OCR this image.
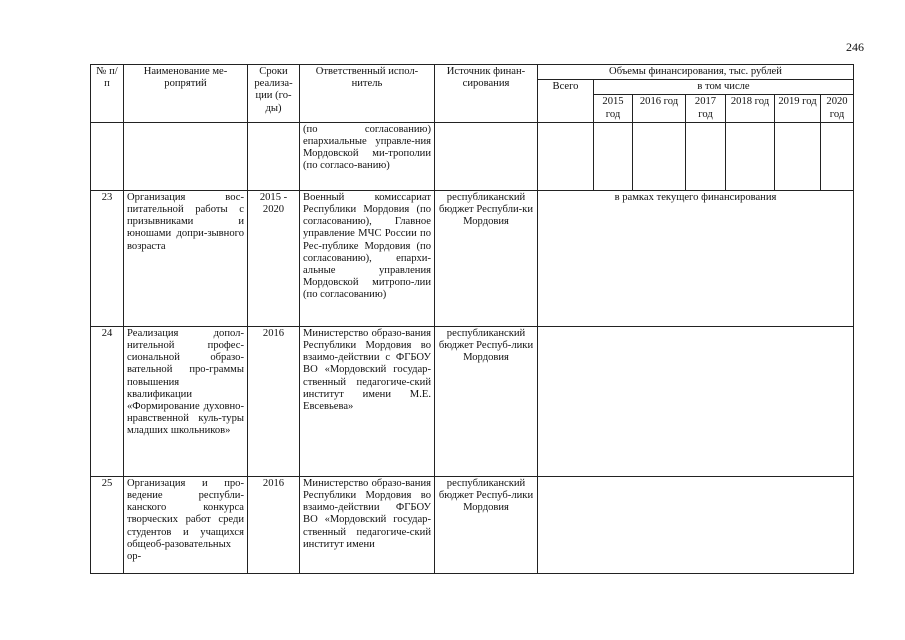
246
№ п/п	Наименование ме-ропрятий	Сроки реализа-ции (го-ды)	Ответственный испол-нитель	Источник финан-сирования	Объемы финансирования, тыс. рублей						
					Всего	в том числе					
						2015 год	2016 год	2017 год	2018 год	2019 год	2020 год
			(по согласованию) епархиальные управле-ния Мордовской ми-трополии (по согласо-ванию)								
23	Организация вос-питательной работы с призывниками и юношами допри-зывного возраста	2015 - 2020	Военный комиссариат Республики Мордовия (по согласованию), Главное управление МЧС России по Рес-публике Мордовия (по согласованию), епархи-альные управления Мордовской митропо-лии (по согласованию)	республиканский бюджет Республи-ки Мордовия	в рамках текущего финансирования						
24	Реализация допол-нительной профес-сиональной образо-вательной про-граммы повышения квалификации «Формирование духовно-нравственной куль-туры младших школьников»	2016	Министерство образо-вания Республики Мордовия во взаимо-действии с ФГБОУ ВО «Мордовский государ-ственный педагогиче-ский институт имени М.Е. Евсевьева»	республиканский бюджет Респуб-лики Мордовия							
25	Организация и про-ведение республи-канского конкурса творческих работ среди студентов и учащихся общеоб-разовательных ор-	2016	Министерство образо-вания Республики Мордовия во взаимо-действии ФГБОУ ВО «Мордовский государ-ственный педагогиче-ский институт имени	республиканский бюджет Респуб-лики Мордовия							
